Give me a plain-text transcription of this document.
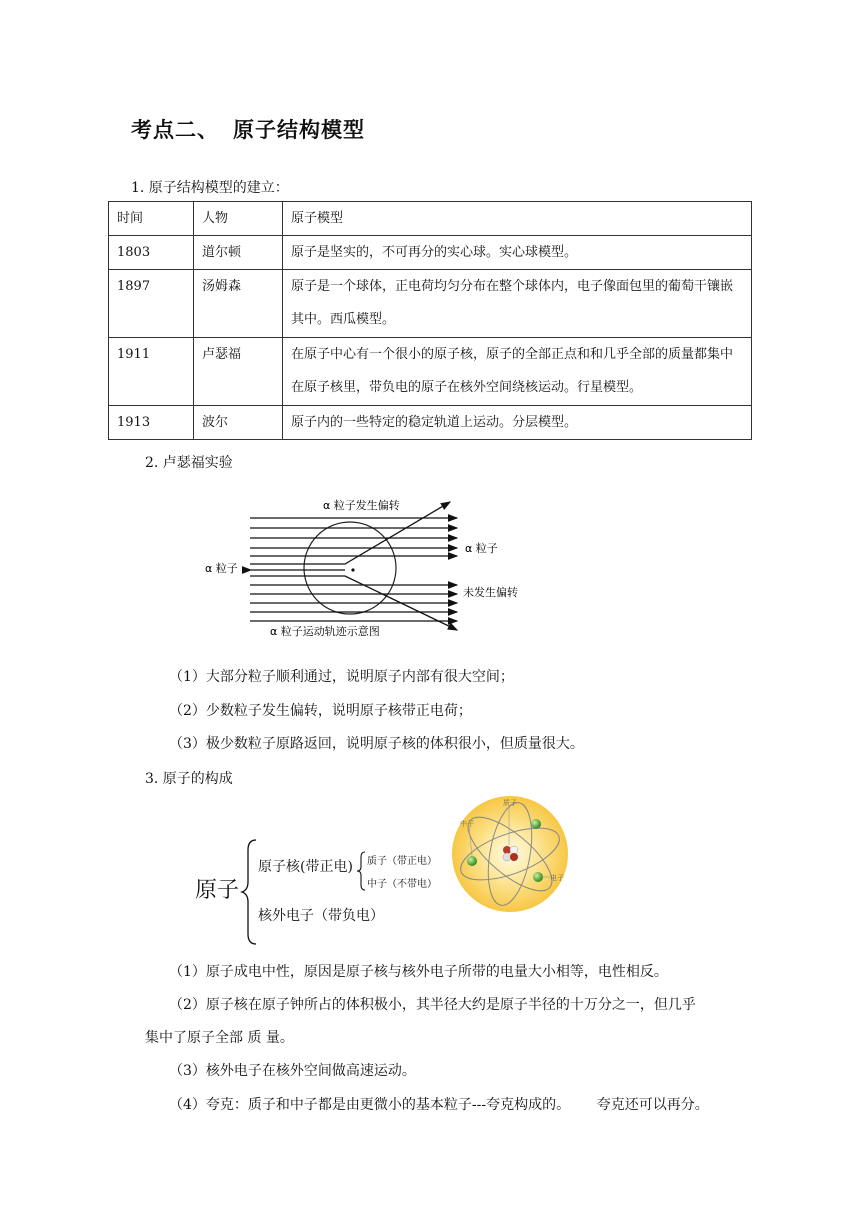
考点二、 原子结构模型
1. 原子结构模型的建立：
时间	人物	原子模型
1803	道尔顿	原子是坚实的，不可再分的实心球。实心球模型。
1897	汤姆森	原子是一个球体，正电荷均匀分布在整个球体内，电子像面包里的葡萄干镶嵌其中。西瓜模型。
1911	卢瑟福	在原子中心有一个很小的原子核，原子的全部正点和和几乎全部的质量都集中在原子核里，带负电的原子在核外空间绕核运动。行星模型。
1913	波尔	原子内的一些特定的稳定轨道上运动。分层模型。
2. 卢瑟福实验
α 粒子发生偏转
α 粒子
α 粒子
未发生偏转
α 粒子运动轨迹示意图
（1）大部分粒子顺利通过，说明原子内部有很大空间；
（2）少数粒子发生偏转，说明原子核带正电荷；
（3）极少数粒子原路返回，说明原子核的体积很小，但质量很大。
3. 原子的构成
原子
原子核(带正电) 质子（带正电）
中子（不带电）
核外电子（带负电）
质子
中子
电子
（1）原子成电中性，原因是原子核与核外电子所带的电量大小相等，电性相反。
（2）原子核在原子钟所占的体积极小，其半径大约是原子半径的十万分之一，但几乎
集中了原子全部 质 量。
（3）核外电子在核外空间做高速运动。
（4）夸克：质子和中子都是由更微小的基本粒子---夸克构成的。      夸克还可以再分。
